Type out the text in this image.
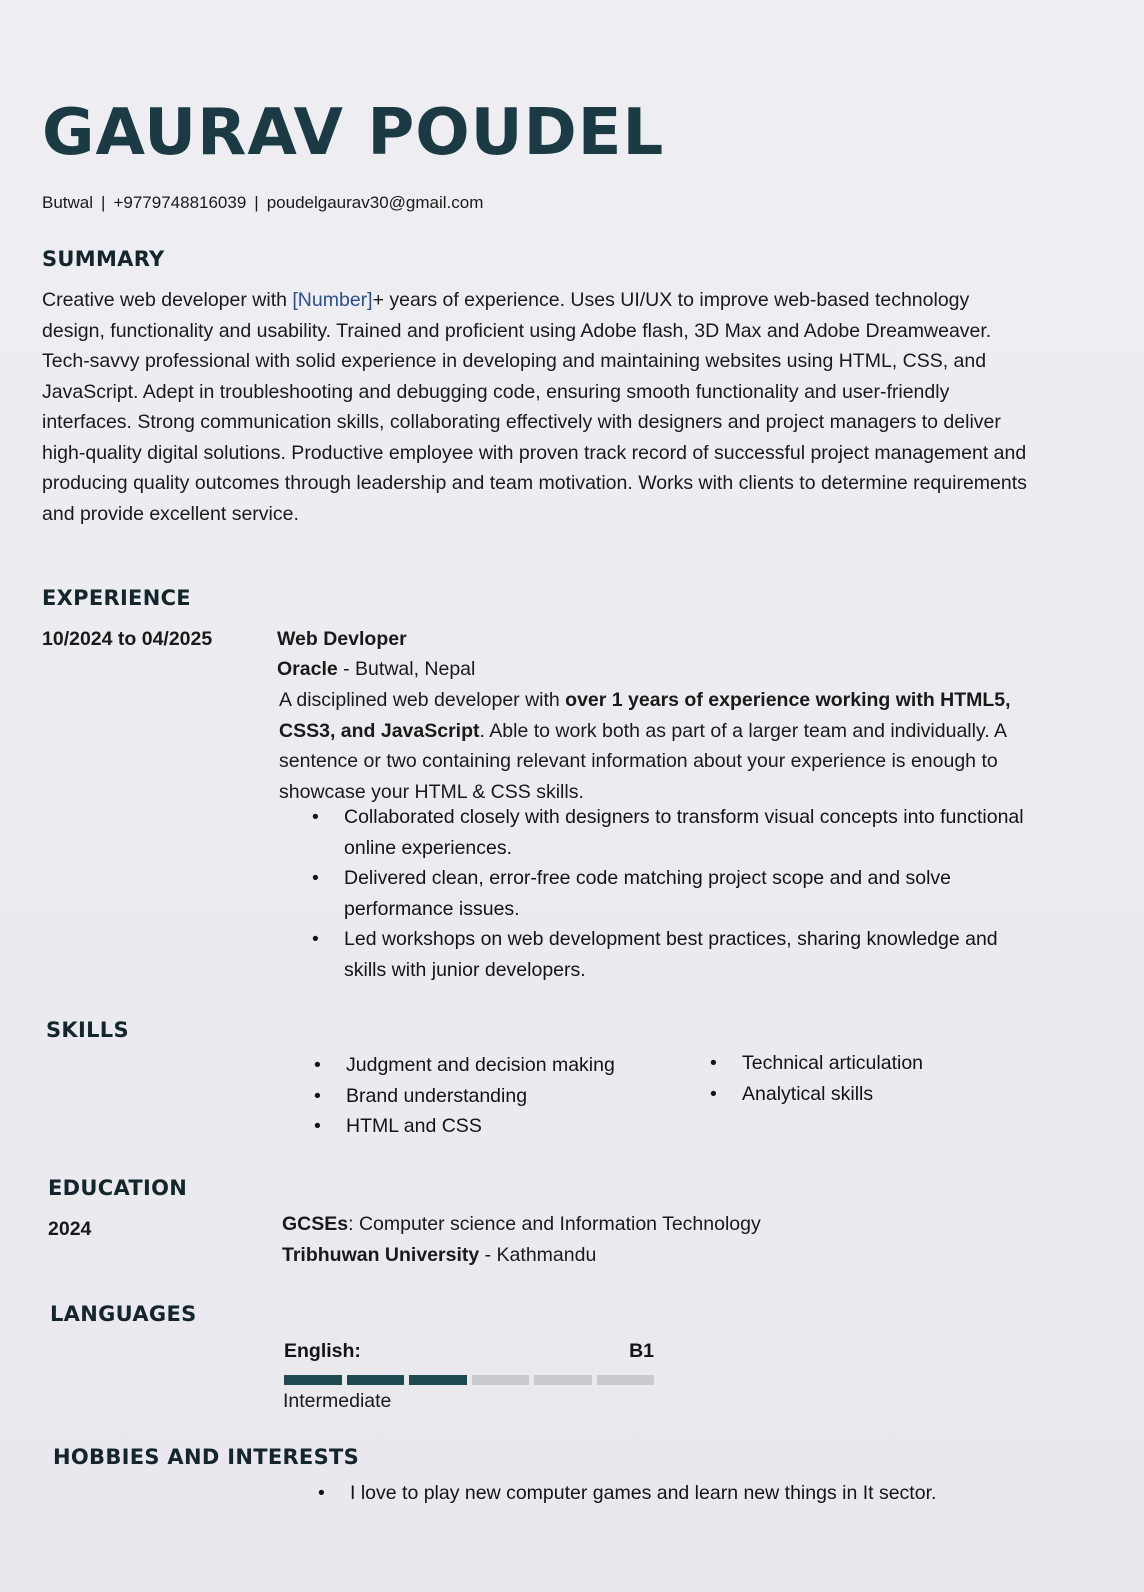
GAURAV POUDEL
Butwal | +9779748816039 | poudelgaurav30@gmail.com
SUMMARY
Creative web developer with [Number]+ years of experience. Uses UI/UX to improve web-based technology design, functionality and usability. Trained and proficient using Adobe flash, 3D Max and Adobe Dreamweaver. Tech-savvy professional with solid experience in developing and maintaining websites using HTML, CSS, and JavaScript. Adept in troubleshooting and debugging code, ensuring smooth functionality and user-friendly interfaces. Strong communication skills, collaborating effectively with designers and project managers to deliver high-quality digital solutions. Productive employee with proven track record of successful project management and producing quality outcomes through leadership and team motivation. Works with clients to determine requirements and provide excellent service.
EXPERIENCE
10/2024 to 04/2025	Web Devloper
Oracle - Butwal, Nepal
A disciplined web developer with over 1 years of experience working with HTML5, CSS3, and JavaScript. Able to work both as part of a larger team and individually. A sentence or two containing relevant information about your experience is enough to showcase your HTML & CSS skills.
• Collaborated closely with designers to transform visual concepts into functional online experiences.
• Delivered clean, error-free code matching project scope and and solve performance issues.
• Led workshops on web development best practices, sharing knowledge and skills with junior developers.
SKILLS
• Judgment and decision making
• Brand understanding
• HTML and CSS
• Technical articulation
• Analytical skills
EDUCATION
2024	GCSEs: Computer science and Information Technology
Tribhuwan University - Kathmandu
LANGUAGES
English:	B1
Intermediate
HOBBIES AND INTERESTS
• I love to play new computer games and learn new things in It sector.
